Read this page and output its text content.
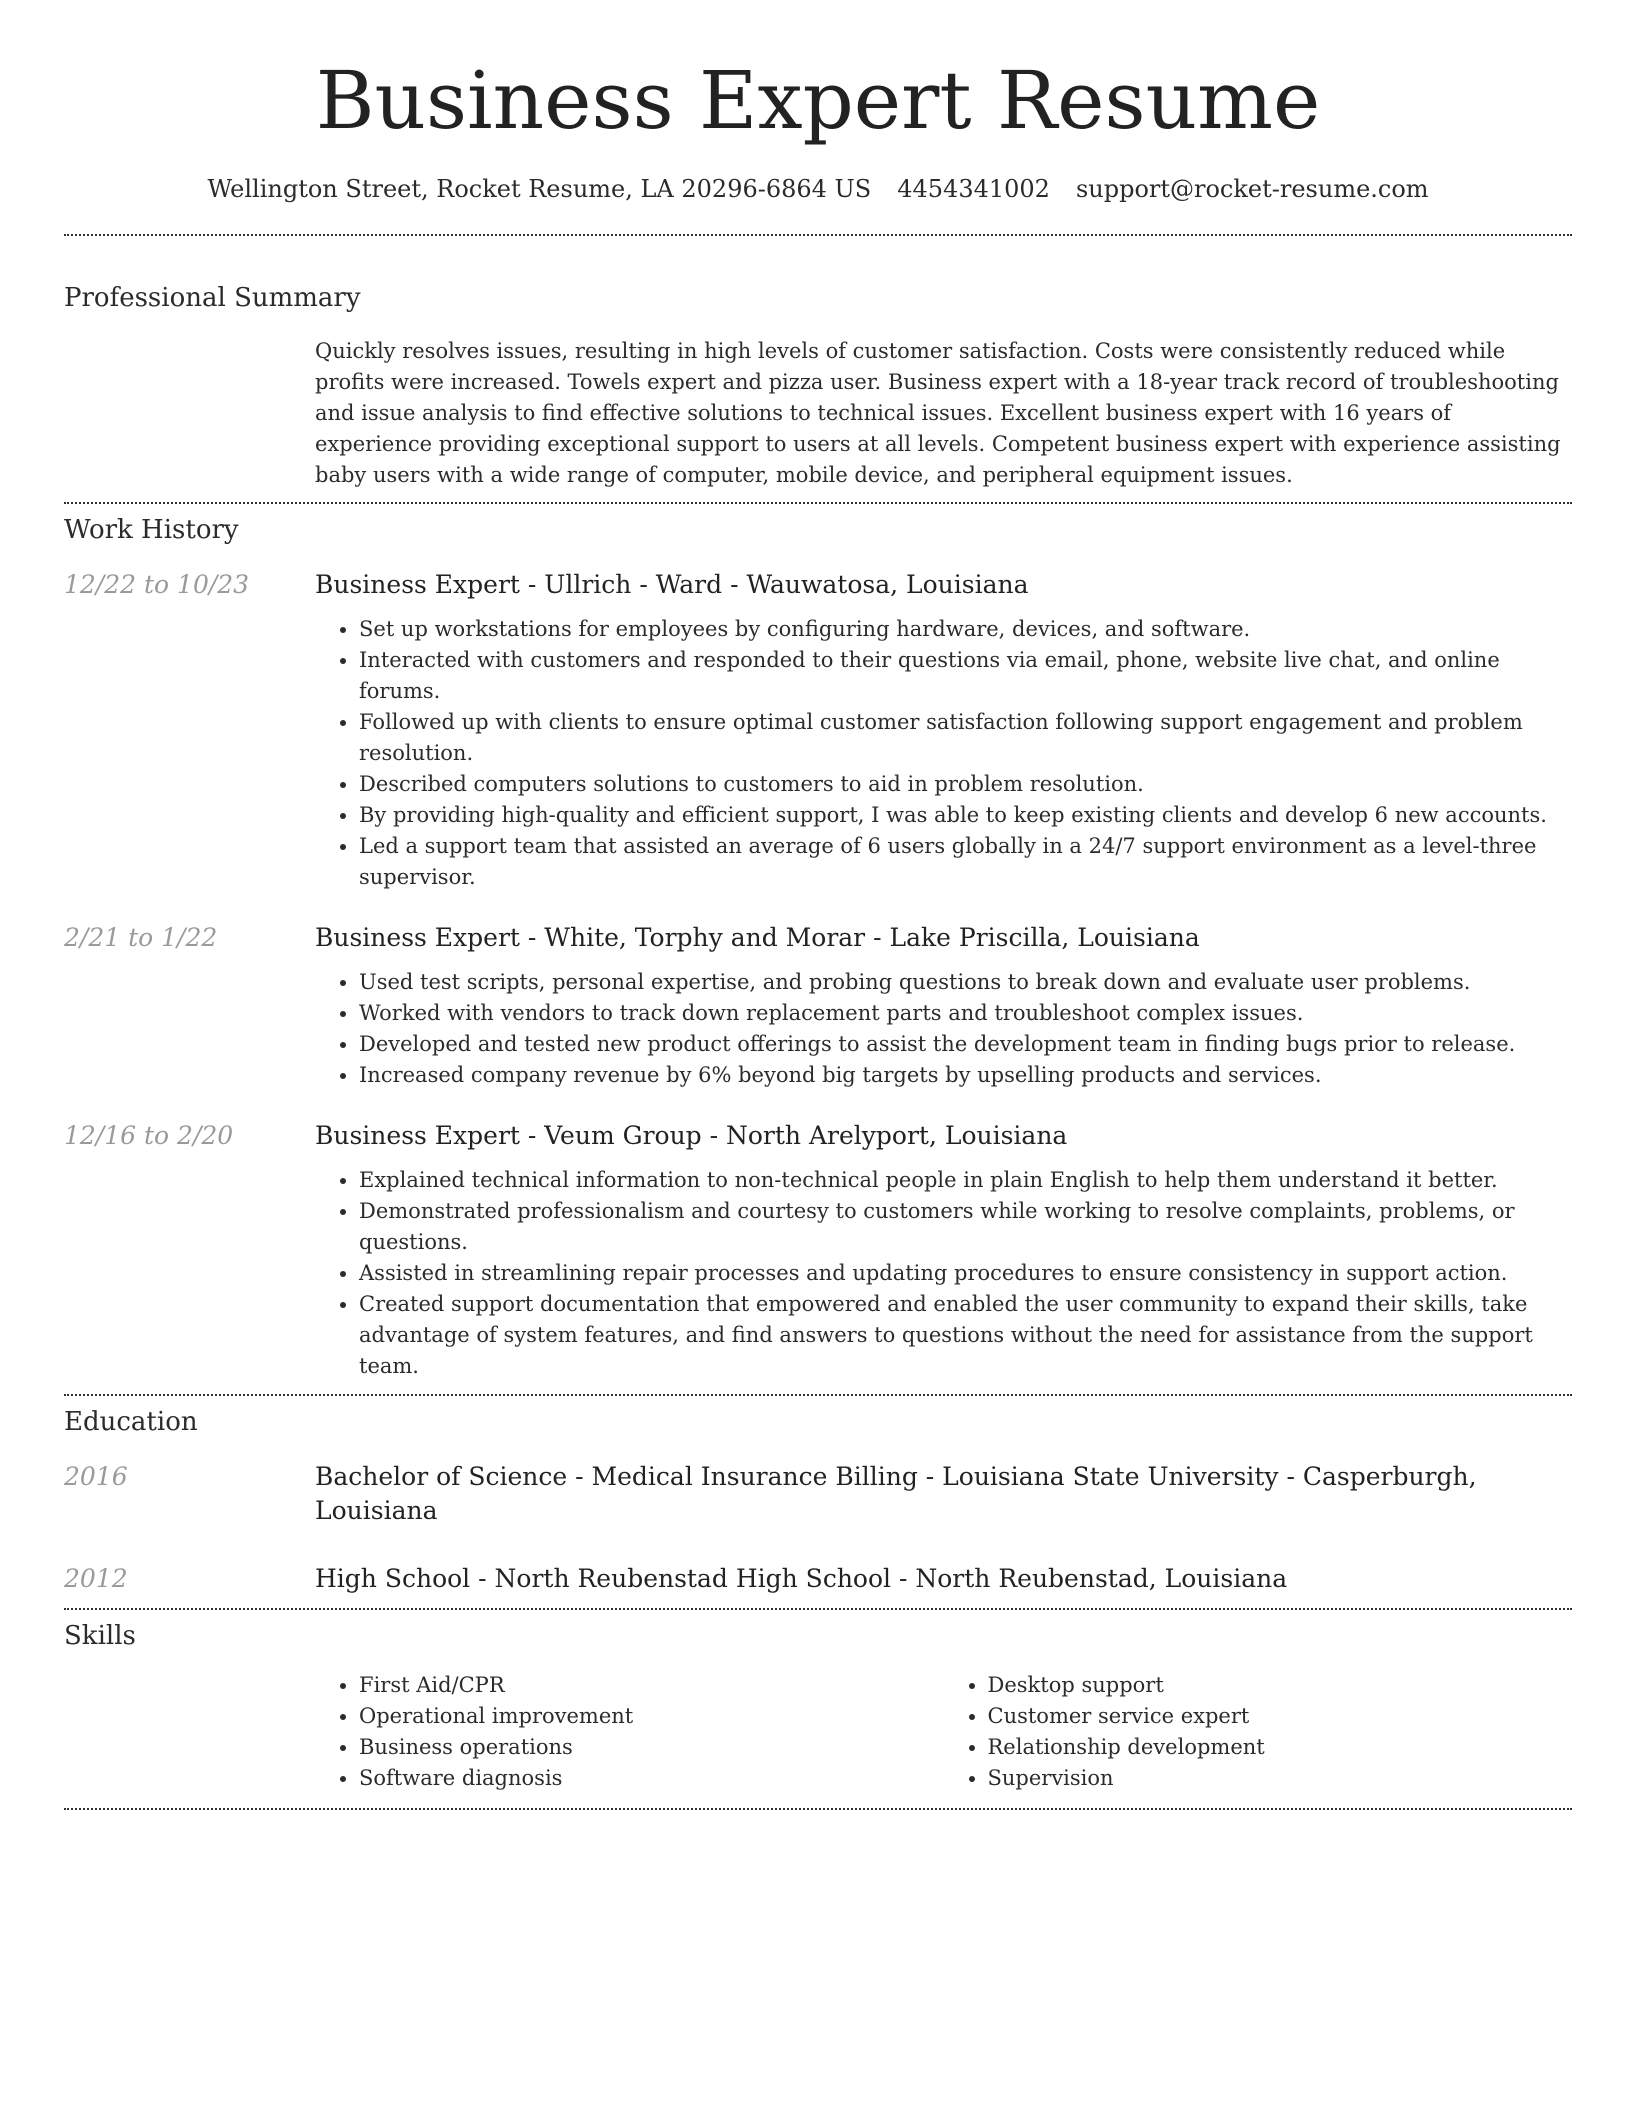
Business Expert Resume
Wellington Street, Rocket Resume, LA 20296-6864 US 4454341002 support@rocket-resume.com
Professional Summary
Quickly resolves issues, resulting in high levels of customer satisfaction. Costs were consistently reduced while profits were increased. Towels expert and pizza user. Business expert with a 18-year track record of troubleshooting and issue analysis to find effective solutions to technical issues. Excellent business expert with 16 years of experience providing exceptional support to users at all levels. Competent business expert with experience assisting baby users with a wide range of computer, mobile device, and peripheral equipment issues.
Work History
12/22 to 10/23	Business Expert - Ullrich - Ward - Wauwatosa, Louisiana
• Set up workstations for employees by configuring hardware, devices, and software.
• Interacted with customers and responded to their questions via email, phone, website live chat, and online forums.
• Followed up with clients to ensure optimal customer satisfaction following support engagement and problem resolution.
• Described computers solutions to customers to aid in problem resolution.
• By providing high-quality and efficient support, I was able to keep existing clients and develop 6 new accounts.
• Led a support team that assisted an average of 6 users globally in a 24/7 support environment as a level-three supervisor.
2/21 to 1/22	Business Expert - White, Torphy and Morar - Lake Priscilla, Louisiana
• Used test scripts, personal expertise, and probing questions to break down and evaluate user problems.
• Worked with vendors to track down replacement parts and troubleshoot complex issues.
• Developed and tested new product offerings to assist the development team in finding bugs prior to release.
• Increased company revenue by 6% beyond big targets by upselling products and services.
12/16 to 2/20	Business Expert - Veum Group - North Arelyport, Louisiana
• Explained technical information to non-technical people in plain English to help them understand it better.
• Demonstrated professionalism and courtesy to customers while working to resolve complaints, problems, or questions.
• Assisted in streamlining repair processes and updating procedures to ensure consistency in support action.
• Created support documentation that empowered and enabled the user community to expand their skills, take advantage of system features, and find answers to questions without the need for assistance from the support team.
Education
2016	Bachelor of Science - Medical Insurance Billing - Louisiana State University - Casperburgh, Louisiana
2012	High School - North Reubenstad High School - North Reubenstad, Louisiana
Skills
• First Aid/CPR
• Operational improvement
• Business operations
• Software diagnosis
• Desktop support
• Customer service expert
• Relationship development
• Supervision
